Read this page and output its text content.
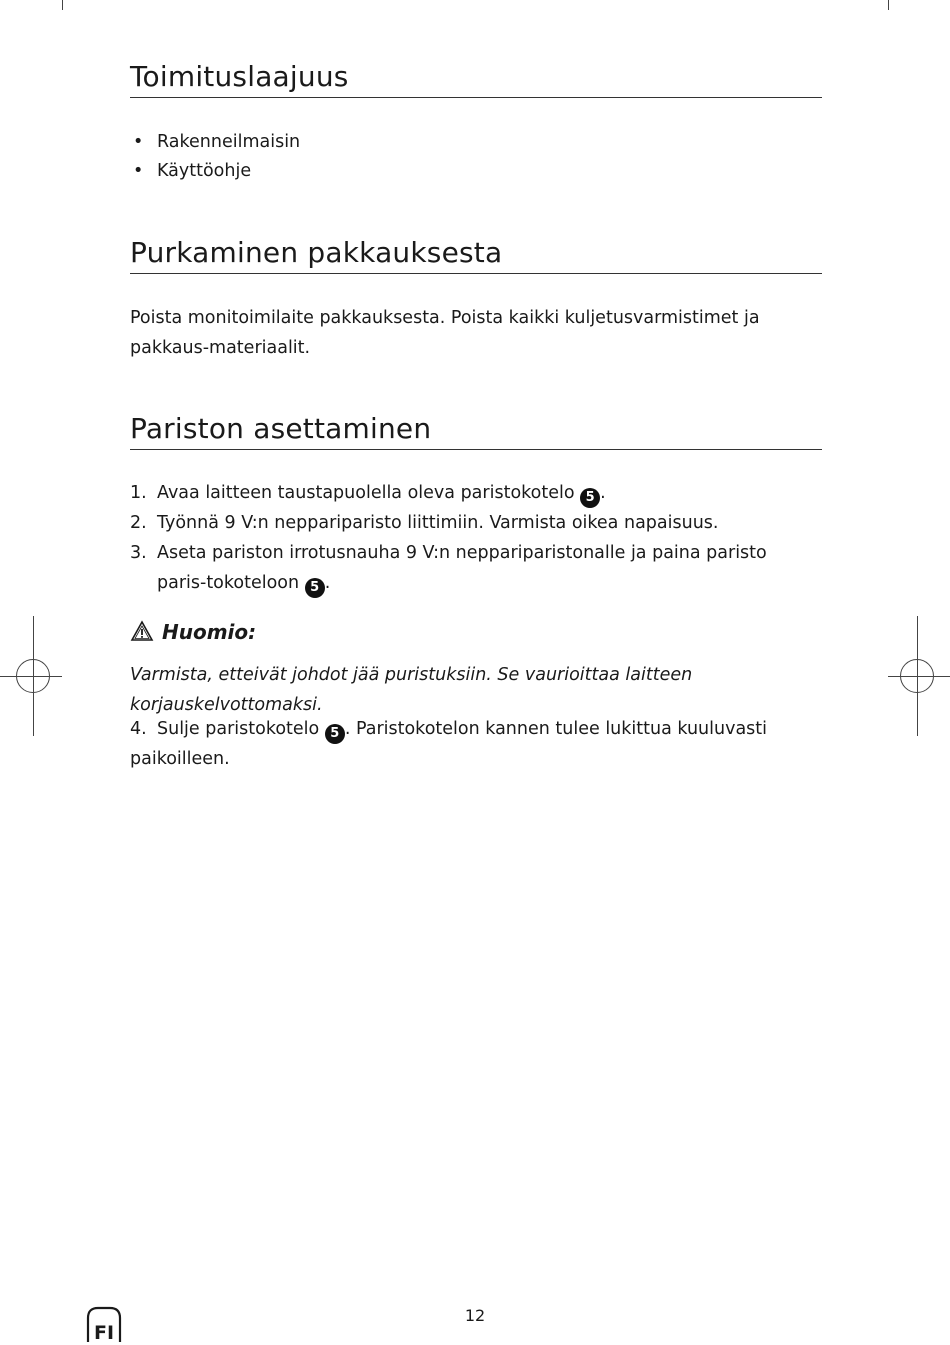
Toimituslaajuus
• Rakenneilmaisin
• Käyttöohje
Purkaminen pakkauksesta

Poista monitoimilaite pakkauksesta. Poista kaikki kuljetusvarmistimet ja pakkaus-materiaalit.

Pariston asettaminen
1. Avaa laitteen taustapuolella oleva paristokotelo 5 .
2. Työnnä 9 V:n neppariparisto liittimiin. Varmista oikea napaisuus.
3. Aseta pariston irrotusnauha 9 V:n neppariparistonalle ja paina paristo paris-tokoteloon 5 .
Huomio:

Varmista, etteivät johdot jää puristuksiin. Se vaurioittaa laitteen korjauskelvottomaksi.

4. Sulje paristokotelo 5 . Paristokotelon kannen tulee lukittua kuuluvasti paikoilleen.

FI
12
